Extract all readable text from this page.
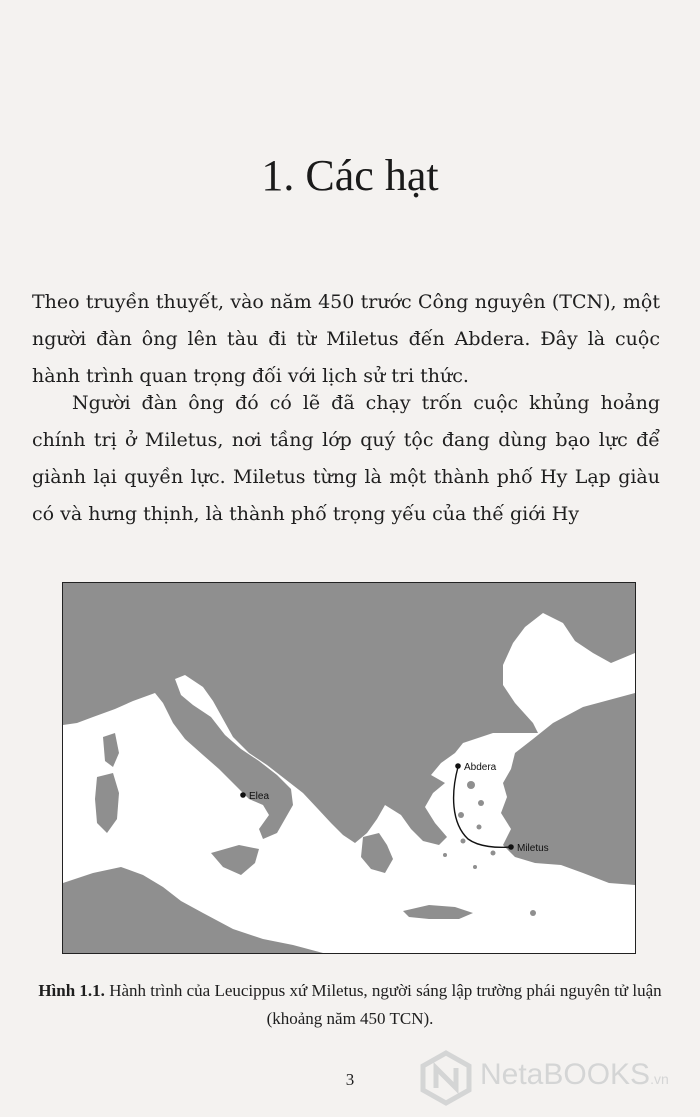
1. Các hạt
Theo truyền thuyết, vào năm 450 trước Công nguyên (TCN), một người đàn ông lên tàu đi từ Miletus đến Abdera. Đây là cuộc hành trình quan trọng đối với lịch sử tri thức.
Người đàn ông đó có lẽ đã chạy trốn cuộc khủng hoảng chính trị ở Miletus, nơi tầng lớp quý tộc đang dùng bạo lực để giành lại quyền lực. Miletus từng là một thành phố Hy Lạp giàu có và hưng thịnh, là thành phố trọng yếu của thế giới Hy
Elea
Abdera
Miletus
Hình 1.1. Hành trình của Leucippus xứ Miletus, người sáng lập trường phái nguyên tử luận (khoảng năm 450 TCN).
3	NetaBOOKS.vn
